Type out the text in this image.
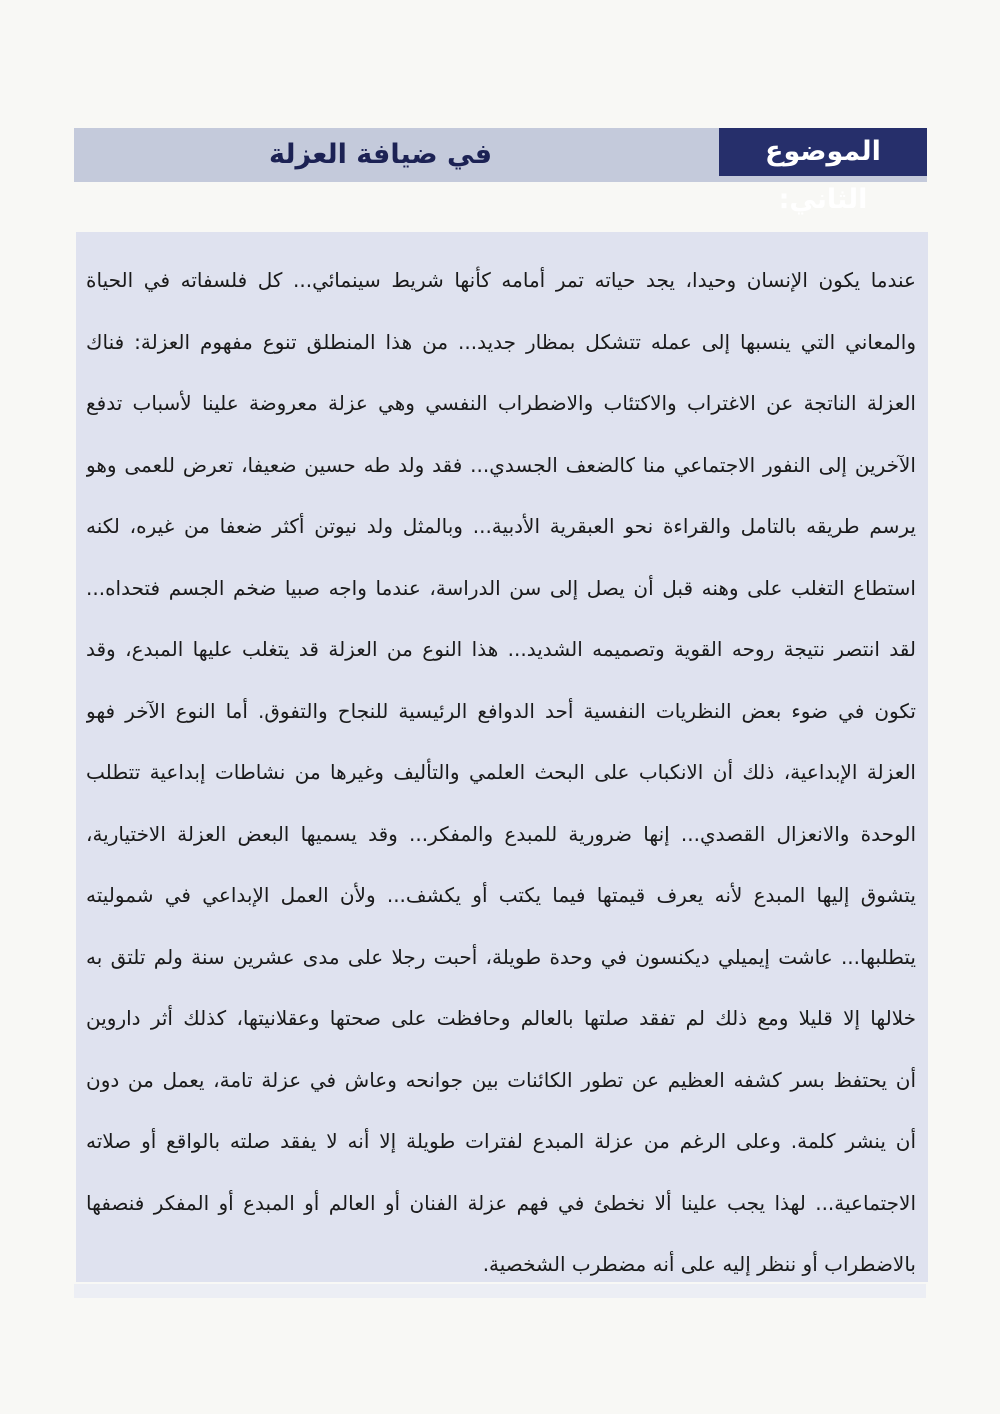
الموضوع الثاني:
في ضيافة العزلة
عندما يكون الإنسان وحيدا، يجد حياته تمر أمامه كأنها شريط سينمائي... كل فلسفاته في الحياة
والمعاني التي ينسبها إلى عمله تتشكل بمظار جديد... من هذا المنطلق تنوع مفهوم العزلة: فناك
العزلة الناتجة عن الاغتراب والاكتئاب والاضطراب النفسي وهي عزلة معروضة علينا لأسباب تدفع
الآخرين إلى النفور الاجتماعي منا كالضعف الجسدي... فقد ولد طه حسين ضعيفا، تعرض للعمى وهو
يرسم طريقه بالتامل والقراءة نحو العبقرية الأدبية... وبالمثل ولد نيوتن أكثر ضعفا من غيره، لكنه
استطاع التغلب على وهنه قبل أن يصل إلى سن الدراسة، عندما واجه صبيا ضخم الجسم فتحداه...
لقد انتصر نتيجة روحه القوية وتصميمه الشديد... هذا النوع من العزلة قد يتغلب عليها المبدع، وقد
تكون في ضوء بعض النظريات النفسية أحد الدوافع الرئيسية للنجاح والتفوق. أما النوع الآخر فهو
العزلة الإبداعية، ذلك أن الانكباب على البحث العلمي والتأليف وغيرها من نشاطات إبداعية تتطلب
الوحدة والانعزال القصدي... إنها ضرورية للمبدع والمفكر... وقد يسميها البعض العزلة الاختيارية،
يتشوق إليها المبدع لأنه يعرف قيمتها فيما يكتب أو يكشف... ولأن العمل الإبداعي في شموليته
يتطلبها... عاشت إيميلي ديكنسون في وحدة طويلة، أحبت رجلا على مدى عشرين سنة ولم تلتق به
خلالها إلا قليلا ومع ذلك لم تفقد صلتها بالعالم وحافظت على صحتها وعقلانيتها، كذلك أثر داروين
أن يحتفظ بسر كشفه العظيم عن تطور الكائنات بين جوانحه وعاش في عزلة تامة، يعمل من دون
أن ينشر كلمة. وعلى الرغم من عزلة المبدع لفترات طويلة إلا أنه لا يفقد صلته بالواقع أو صلاته
الاجتماعية... لهذا يجب علينا ألا نخطئ في فهم عزلة الفنان أو العالم أو المبدع أو المفكر فنصفها
بالاضطراب أو ننظر إليه على أنه مضطرب الشخصية.
